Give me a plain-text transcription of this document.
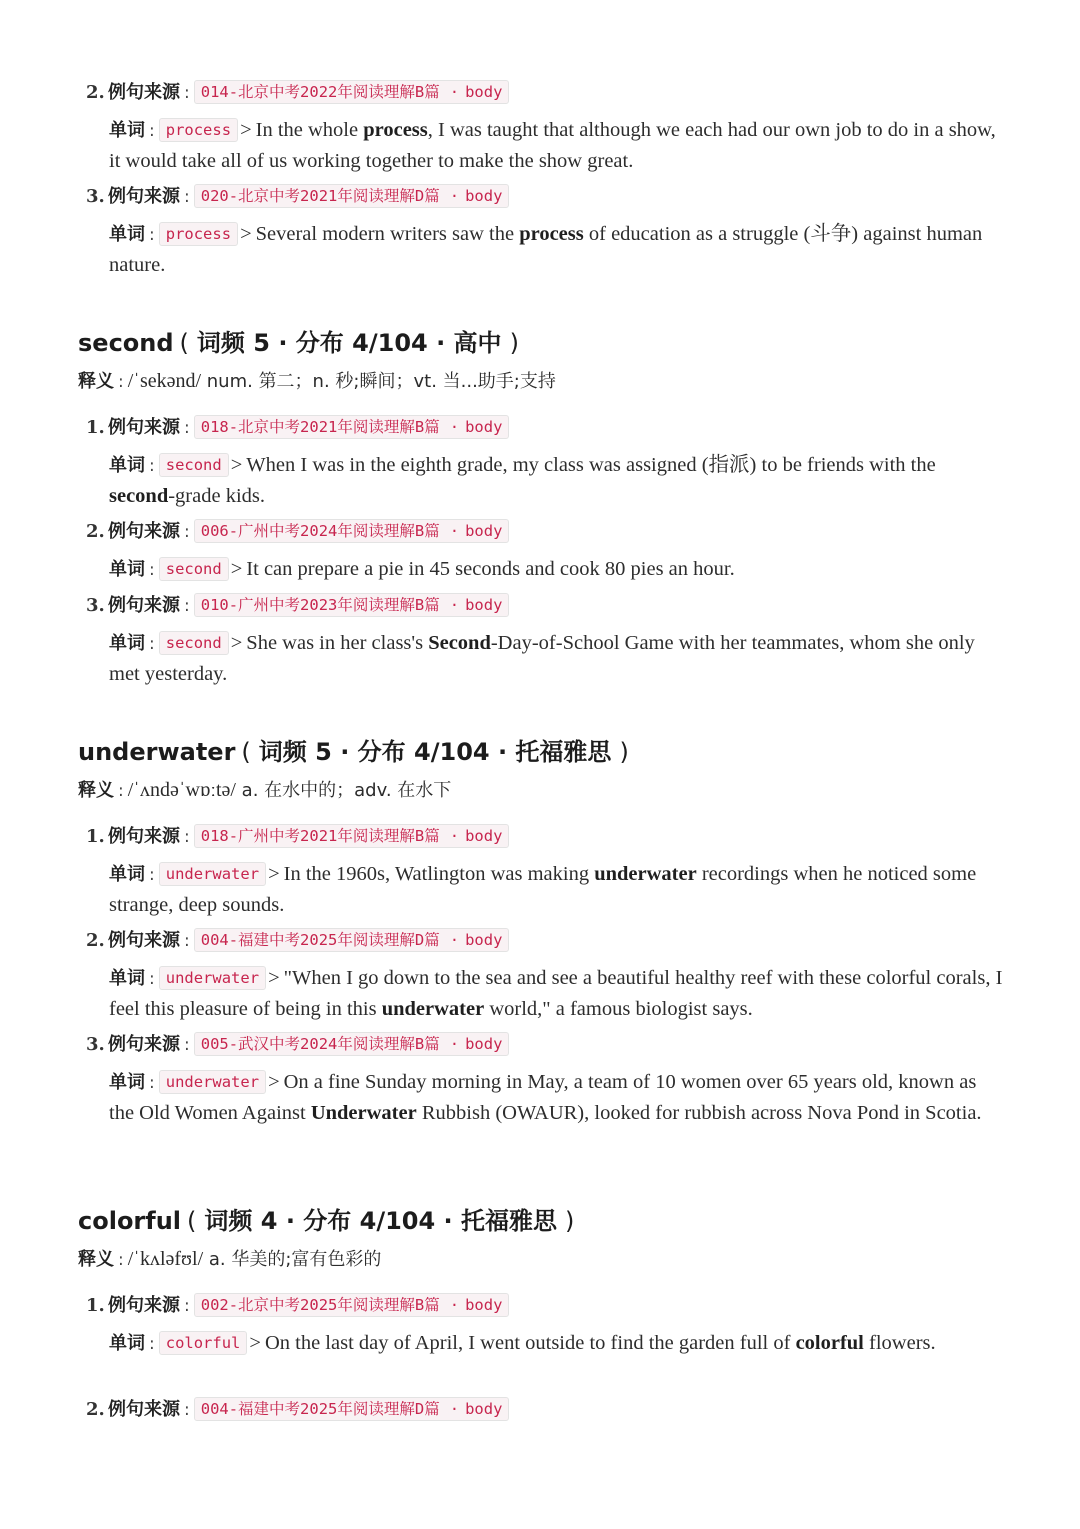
2. 例句来源 : 014-北京中考2022年阅读理解B篇 · body
单词 : process > In the whole process, I was taught that although we each had our own job to do in a show, it would take all of us working together to make the show great.
3. 例句来源 : 020-北京中考2021年阅读理解D篇 · body
单词 : process > Several modern writers saw the process of education as a struggle (斗争) against human nature.
second ( 词频 5 · 分布 4/104 · 高中 )
释义 : /ˈsekənd/ num. 第二；n. 秒;瞬间；vt. 当...助手;支持
1. 例句来源 : 018-北京中考2021年阅读理解B篇 · body
单词 : second > When I was in the eighth grade, my class was assigned (指派) to be friends with the second-grade kids.
2. 例句来源 : 006-广州中考2024年阅读理解B篇 · body
单词 : second > It can prepare a pie in 45 seconds and cook 80 pies an hour.
3. 例句来源 : 010-广州中考2023年阅读理解B篇 · body
单词 : second > She was in her class's Second-Day-of-School Game with her teammates, whom she only met yesterday.
underwater ( 词频 5 · 分布 4/104 · 托福雅思 )
释义 : /ˈʌndəˈwɒːtə/ a. 在水中的；adv. 在水下
1. 例句来源 : 018-广州中考2021年阅读理解B篇 · body
单词 : underwater > In the 1960s, Watlington was making underwater recordings when he noticed some strange, deep sounds.
2. 例句来源 : 004-福建中考2025年阅读理解D篇 · body
单词 : underwater > "When I go down to the sea and see a beautiful healthy reef with these colorful corals, I feel this pleasure of being in this underwater world," a famous biologist says.
3. 例句来源 : 005-武汉中考2024年阅读理解B篇 · body
单词 : underwater > On a fine Sunday morning in May, a team of 10 women over 65 years old, known as the Old Women Against Underwater Rubbish (OWAUR), looked for rubbish across Nova Pond in Scotia.
colorful ( 词频 4 · 分布 4/104 · 托福雅思 )
释义 : /ˈkʌləfʊl/ a. 华美的;富有色彩的
1. 例句来源 : 002-北京中考2025年阅读理解B篇 · body
单词 : colorful > On the last day of April, I went outside to find the garden full of colorful flowers.
2. 例句来源 : 004-福建中考2025年阅读理解D篇 · body
